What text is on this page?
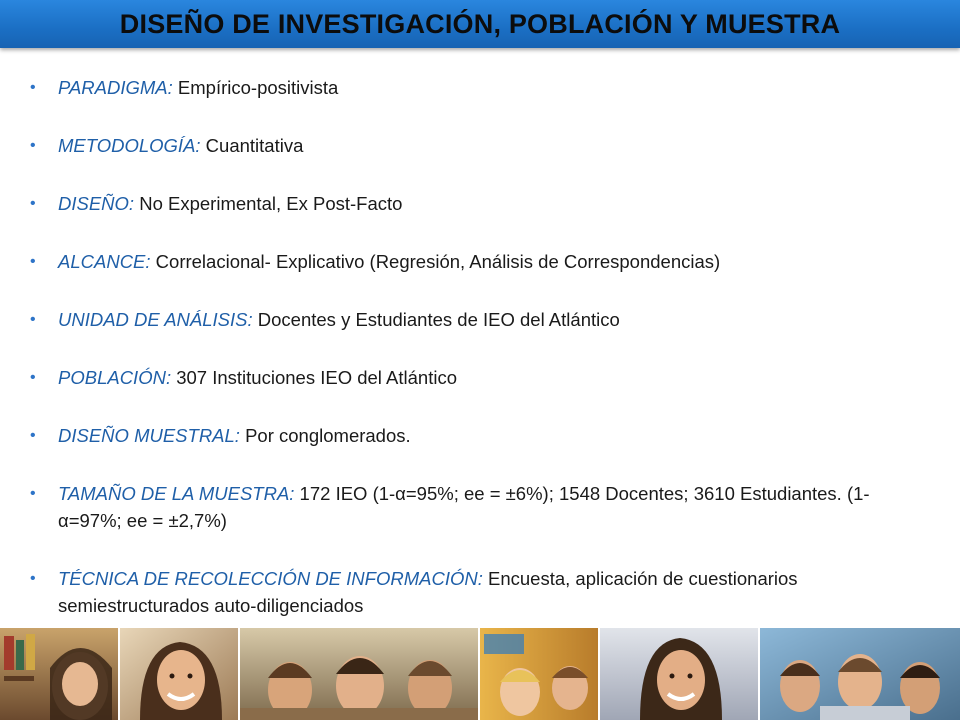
DISEÑO DE INVESTIGACIÓN, POBLACIÓN Y MUESTRA
• PARADIGMA: Empírico-positivista
• METODOLOGÍA: Cuantitativa
• DISEÑO: No Experimental, Ex Post-Facto
• ALCANCE: Correlacional- Explicativo (Regresión, Análisis de Correspondencias)
• UNIDAD DE ANÁLISIS: Docentes y Estudiantes de IEO del Atlántico
• POBLACIÓN: 307 Instituciones IEO del Atlántico
• DISEÑO MUESTRAL: Por conglomerados.
• TAMAÑO DE LA MUESTRA: 172 IEO (1-α=95%; ee = ±6%); 1548 Docentes; 3610 Estudiantes. (1-α=97%; ee = ±2,7%)
• TÉCNICA DE RECOLECCIÓN DE INFORMACIÓN: Encuesta, aplicación de cuestionarios semiestructurados auto-diligenciados
